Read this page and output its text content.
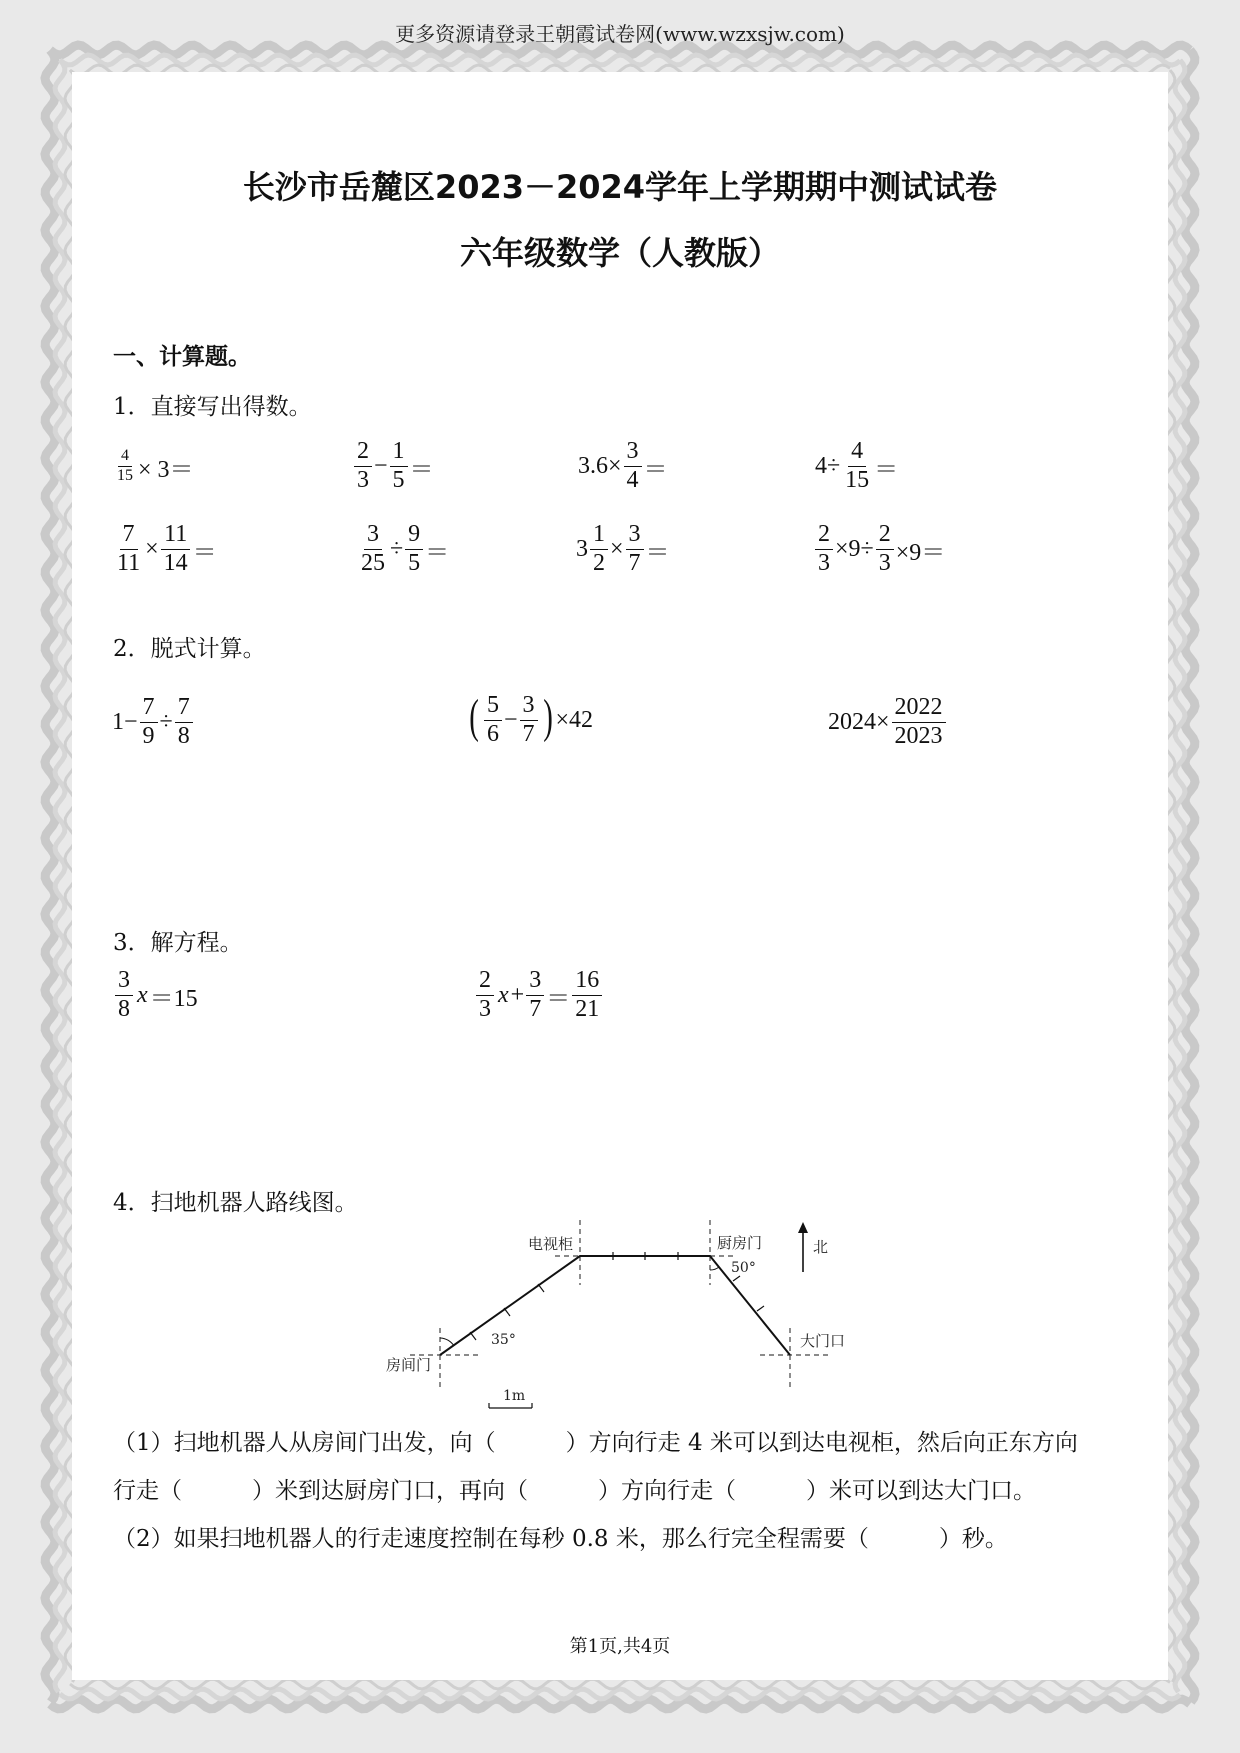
更多资源请登录王朝霞试卷网(www.wzxsjw.com)
长沙市岳麓区2023－2024学年上学期期中测试试卷
六年级数学（人教版）
一、计算题。
1．直接写出得数。
$\frac{4}{15} \times 3=$	$\frac{2}{3} - \frac{1}{5}$ ＝	$3.6\times \frac{3}{4}$ ＝	$4\div \frac{4}{15}$ ＝
$\frac{7}{11} \times \frac{11}{14}$ ＝	$\frac{3}{25} \div \frac{9}{5}$ ＝	$3 \frac{1}{2} \times \frac{3}{7}$ ＝	$\frac{2}{3} \times 9\div \frac{2}{3} \times 9=$
2．脱式计算。
$1- \frac{7}{9} \div \frac{7}{8}$	( $\frac{5}{6} - \frac{3}{7}$ ) ×42	$2024\times \frac{2022}{2023}$
3．解方程。
$\frac{3}{8}$ x ＝15	$\frac{2}{3}$ $x + \frac{3}{7} = \frac{16}{21}$
4．扫地机器人路线图。
电视柜	厨房门	北
大门口
房间门
35°
50°
1m
（1）扫地机器人从房间门出发，向（	）方向行走 4 米可以到达电视柜，然后向正东方向
行走（	）米到达厨房门口，再向（	）方向行走（	）米可以到达大门口。
（2）如果扫地机器人的行走速度控制在每秒 0.8 米，那么行完全程需要（	）秒。
第1页,共4页
